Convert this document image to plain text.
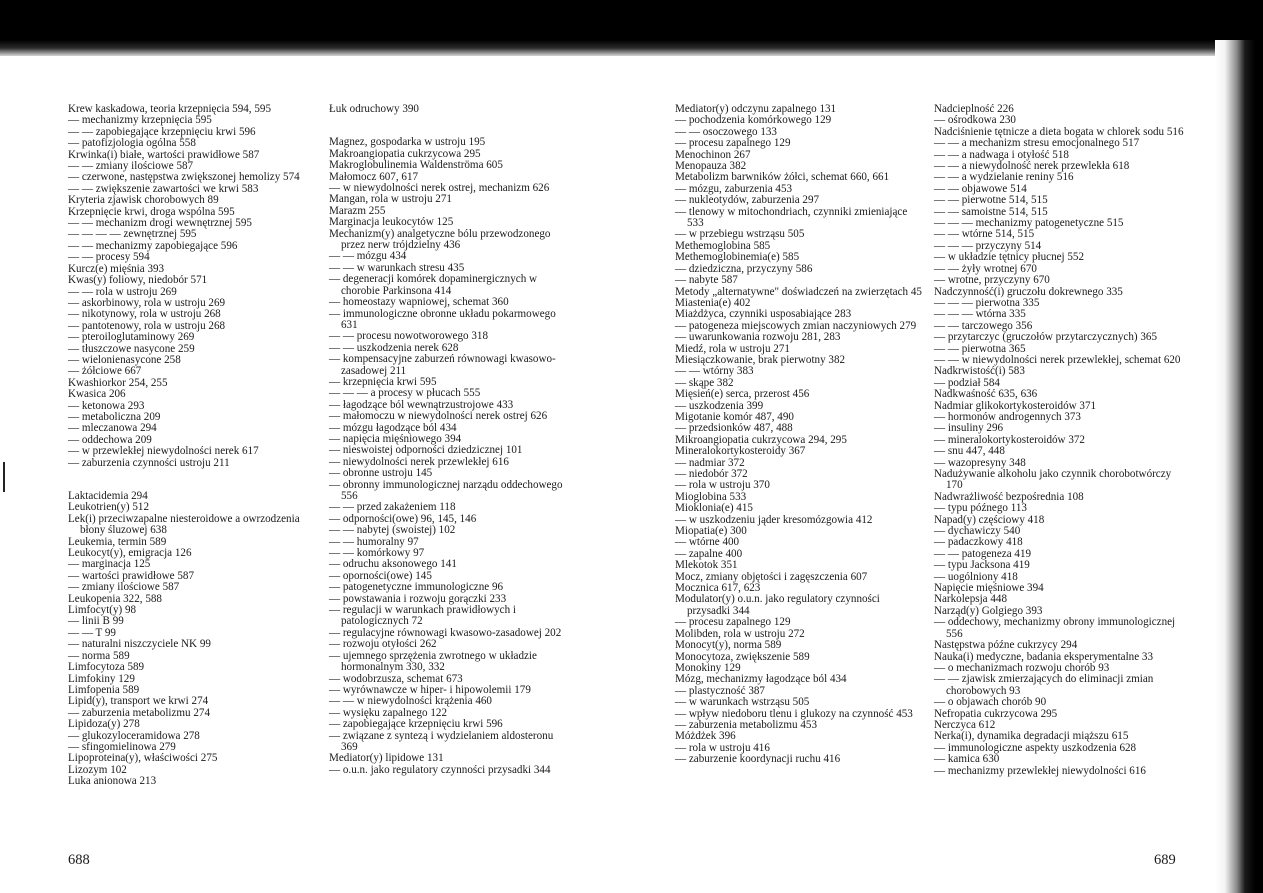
Krew kaskadowa, teoria krzepnięcia 594, 595
— mechanizmy krzepnięcia 595
— — zapobiegające krzepnięciu krwi 596
— patofizjologia ogólna 558
Krwinka(i) białe, wartości prawidłowe 587
— — zmiany ilościowe 587
— czerwone, następstwa zwiększonej hemolizy 574
— — zwiększenie zawartości we krwi 583
Kryteria zjawisk chorobowych 89
Krzepnięcie krwi, droga wspólna 595
— — mechanizm drogi wewnętrznej 595
— — — — zewnętrznej 595
— — mechanizmy zapobiegające 596
— — procesy 594
Kurcz(e) mięśnia 393
Kwas(y) foliowy, niedobór 571
— — rola w ustroju 269
— askorbinowy, rola w ustroju 269
— nikotynowy, rola w ustroju 268
— pantotenowy, rola w ustroju 268
— pteroiloglutaminowy 269
— tłuszczowe nasycone 259
— wielonienasycone 258
— żółciowe 667
Kwashiorkor 254, 255
Kwasica 206
— ketonowa 293
— metaboliczna 209
— mleczanowa 294
— oddechowa 209
— w przewlekłej niewydolności nerek 617
— zaburzenia czynności ustroju 211
Laktacidemia 294
Leukotrien(y) 512
Lek(i) przeciwzapalne niesteroidowe a owrzodzenia błony śluzowej 638
Leukemia, termin 589
Leukocyt(y), emigracja 126
— marginacja 125
— wartości prawidłowe 587
— zmiany ilościowe 587
Leukopenia 322, 588
Limfocyt(y) 98
— linii B 99
— — T 99
— naturalni niszczyciele NK 99
— norma 589
Limfocytoza 589
Limfokiny 129
Limfopenia 589
Lipid(y), transport we krwi 274
— zaburzenia metabolizmu 274
Lipidoza(y) 278
— glukozyloceramidowa 278
— sfingomielinowa 279
Lipoproteina(y), właściwości 275
Lizozym 102
Luka anionowa 213
Łuk odruchowy 390
Magnez, gospodarka w ustroju 195
Makroangiopatia cukrzycowa 295
Makroglobulinemia Waldenströma 605
Małomocz 607, 617
— w niewydolności nerek ostrej, mechanizm 626
Mangan, rola w ustroju 271
Marazm 255
Marginacja leukocytów 125
Mechanizm(y) analgetyczne bólu przewodzonego przez nerw trójdzielny 436
— — mózgu 434
— — w warunkach stresu 435
— degeneracji komórek dopaminergicznych w chorobie Parkinsona 414
— homeostazy wapniowej, schemat 360
— immunologiczne obronne układu pokarmowego 631
— — procesu nowotworowego 318
— — uszkodzenia nerek 628
— kompensacyjne zaburzeń równowagi kwasowo-zasadowej 211
— krzepnięcia krwi 595
— — — a procesy w płucach 555
— łagodzące ból wewnątrzustrojowe 433
— małomoczu w niewydolności nerek ostrej 626
— mózgu łagodzące ból 434
— napięcia mięśniowego 394
— nieswoistej odporności dziedzicznej 101
— niewydolności nerek przewlekłej 616
— obronne ustroju 145
— obronny immunologicznej narządu oddechowego 556
— — przed zakażeniem 118
— odporności(owe) 96, 145, 146
— — nabytej (swoistej) 102
— — humoralny 97
— — komórkowy 97
— odruchu aksonowego 141
— oporności(owe) 145
— patogenetyczne immunologiczne 96
— powstawania i rozwoju gorączki 233
— regulacji w warunkach prawidłowych i patologicznych 72
— regulacyjne równowagi kwasowo-zasadowej 202
— rozwoju otyłości 262
— ujemnego sprzężenia zwrotnego w układzie hormonalnym 330, 332
— wodobrzusza, schemat 673
— wyrównawcze w hiper- i hipowolemii 179
— — w niewydolności krążenia 460
— wysięku zapalnego 122
— zapobiegające krzepnięciu krwi 596
— związane z syntezą i wydzielaniem aldosteronu 369
Mediator(y) lipidowe 131
— o.u.n. jako regulatory czynności przysadki 344
Mediator(y) odczynu zapalnego 131
— pochodzenia komórkowego 129
— — osoczowego 133
— procesu zapalnego 129
Menochinon 267
Menopauza 382
Metabolizm barwników żółci, schemat 660, 661
— mózgu, zaburzenia 453
— nukleotydów, zaburzenia 297
— tlenowy w mitochondriach, czynniki zmieniające 533
— w przebiegu wstrząsu 505
Methemoglobina 585
Methemoglobinemia(e) 585
— dziedziczna, przyczyny 586
— nabyte 587
Metody „alternatywne" doświadczeń na zwierzętach 45
Miastenia(e) 402
Miażdżyca, czynniki usposabiające 283
— patogeneza miejscowych zmian naczyniowych 279
— uwarunkowania rozwoju 281, 283
Miedź, rola w ustroju 271
Miesiączkowanie, brak pierwotny 382
— — wtórny 383
— skąpe 382
Mięsień(e) serca, przerost 456
— uszkodzenia 399
Migotanie komór 487, 490
— przedsionków 487, 488
Mikroangiopatia cukrzycowa 294, 295
Mineralokortykosteroidy 367
— nadmiar 372
— niedobór 372
— rola w ustroju 370
Mioglobina 533
Miokloniа(e) 415
— w uszkodzeniu jąder kresomózgowia 412
Miopatia(e) 300
— wtórne 400
— zapalne 400
Mlekotok 351
Mocz, zmiany objętości i zagęszczenia 607
Mocznica 617, 623
Modulator(y) o.u.n. jako regulatory czynności przysadki 344
— procesu zapalnego 129
Molibden, rola w ustroju 272
Monocyt(y), norma 589
Monocytoza, zwiększenie 589
Monokiny 129
Mózg, mechanizmy łagodzące ból 434
— plastyczność 387
— w warunkach wstrząsu 505
— wpływ niedoboru tlenu i glukozy na czynność 453
— zaburzenia metabolizmu 453
Móżdżek 396
— rola w ustroju 416
— zaburzenie koordynacji ruchu 416
Nadcieplność 226
— ośrodkowa 230
Nadciśnienie tętnicze a dieta bogata w chlorek sodu 516
— — a mechanizm stresu emocjonalnego 517
— — a nadwaga i otyłość 518
— — a niewydolność nerek przewlekła 618
— — a wydzielanie reniny 516
— — objawowe 514
— — pierwotne 514, 515
— — samoistne 514, 515
— — — mechanizmy patogenetyczne 515
— — wtórne 514, 515
— — — przyczyny 514
— w układzie tętnicy płucnej 552
— — żyły wrotnej 670
— wrotne, przyczyny 670
Nadczynność(i) gruczołu dokrewnego 335
— — — pierwotna 335
— — — wtórna 335
— — tarczowego 356
— przytarczyc (gruczołów przytarczycznych) 365
— — pierwotna 365
— — w niewydolności nerek przewlekłej, schemat 620
Nadkrwistość(i) 583
— podział 584
Nadkwaśność 635, 636
Nadmiar glikokortykosteroidów 371
— hormonów androgennych 373
— insuliny 296
— mineralokortykosteroidów 372
— snu 447, 448
— wazopresyny 348
Nadużywanie alkoholu jako czynnik chorobotwórczy 170
Nadwrażliwość bezpośrednia 108
— typu późnego 113
Napad(y) częściowy 418
— dychawiczy 540
— padaczkowy 418
— — patogeneza 419
— typu Jacksona 419
— uogólniony 418
Napięcie mięśniowe 394
Narkolepsja 448
Narząd(y) Golgiego 393
— oddechowy, mechanizmy obrony immunologicznej 556
Następstwa późne cukrzycy 294
Nauka(i) medyczne, badania eksperymentalne 33
— o mechanizmach rozwoju chorób 93
— — zjawisk zmierzających do eliminacji zmian chorobowych 93
— o objawach chorób 90
Nefropatia cukrzycowa 295
Nerczyca 612
Nerka(i), dynamika degradacji miąższu 615
— immunologiczne aspekty uszkodzenia 628
— kamica 630
— mechanizmy przewlekłej niewydolności 616
688	689
